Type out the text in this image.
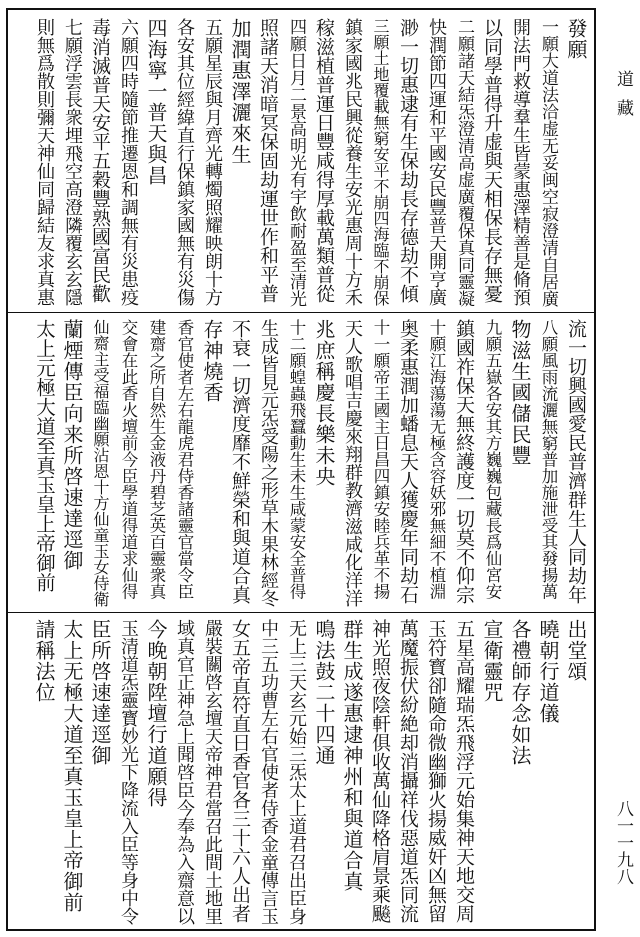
發願
一願大道法洽虚无妥闽空寂澄清自居廣
開法門救導羣生皆蒙惠澤精善是脩預
以同學普得升虚與天相保長存無憂
二願諸天結炁澄清高虚廣覆保真同靈凝
快潤節四運和平國安民豐普天開亨廣
渺一切惠逮有生保劫長存德劫不傾
三願土地覆載無窮安平不崩四海臨不崩保
鎮家國兆民興從養生安光惠周十方禾
稼滋植普運日豐咸得厚載萬類普從
四願日月二景高明光有宇飲耐盈至清光
照諸天消暗冥保固劫運世作和平普
加潤惠澤灑來生
五願星辰與月齊光轉燭照耀映朗十方
各安其位經緯直行保鎮家國無有災傷
四海寧一普天與昌
六願四時隨節推遷恩和調無有災患疫
毒消滅普天安平五穀豐熟國富民歡
七願浮雲長衆埋飛空高澄隣覆玄玄隱
則無爲散則彌天神仙同歸結友求真惠
流一切興國愛民普濟群生人同劫年
八願風雨流灑無窮普加施泄受其發揚萬
物滋生國儲民豐
九願五嶽各安其方巍巍包藏長爲仙宮安
鎮國祚保天無終護度一切莫不仰宗
十願江海蕩蕩无極含容妖邪無細不植淵
奥柔惠潤加蟠息天人獲慶年同劫石
十一願帝王國主日昌四鎮安睦兵革不揚
天人歌唱吉慶來翔群教濟滋咸化洋洋
兆庶稱慶長樂未央
十二願蝗蟲飛蠶動生未生咸蒙安全普得
生成皆見元炁受陽之形草木果林經冬
不衰一切濟度靡不鮮榮和與道合真
存神燒香
香官使者左右龍虎君侍香諸靈官當令臣
建齋之所自然生金液丹碧芝英百靈衆真
交會在此香火壇前今臣學道得道求仙得
仙齋主受福臨幽願沾恩十方仙童玉女侍衛
蘭煙傳臣向来所啓速達逕御
太上元極大道至真玉皇上帝御前
出堂頌
曉朝行道儀
各禮師存念如法
宣衛靈咒
五星高耀瑞炁飛浮元始集神天地交周
玉符寳卻隨命微幽獅火揚威奸凶無留
萬魔振伏紛絶却消攝祥伐惡道炁同流
神光照夜陰軒俱收萬仙降格肩景乘飈
群生成遂惠逮神州和與道合真
鳴法鼓二十四通
无上三天玄元始三炁太上道君召出臣身
中三五功曹左右官使者侍香金童傳言玉
女五帝直符直日香官各三十六人出者
嚴裝關啓玄壇天帝神君當召此間土地里
域真官正神急上聞啓臣今奉為入齋意以
今晚朝陞壇行道願得
玉清道炁靈寳妙光下降流入臣等身中令
臣所啓速達逕御
太上无極大道至真玉皇上帝御前
請稱法位
道藏
八一一九八
